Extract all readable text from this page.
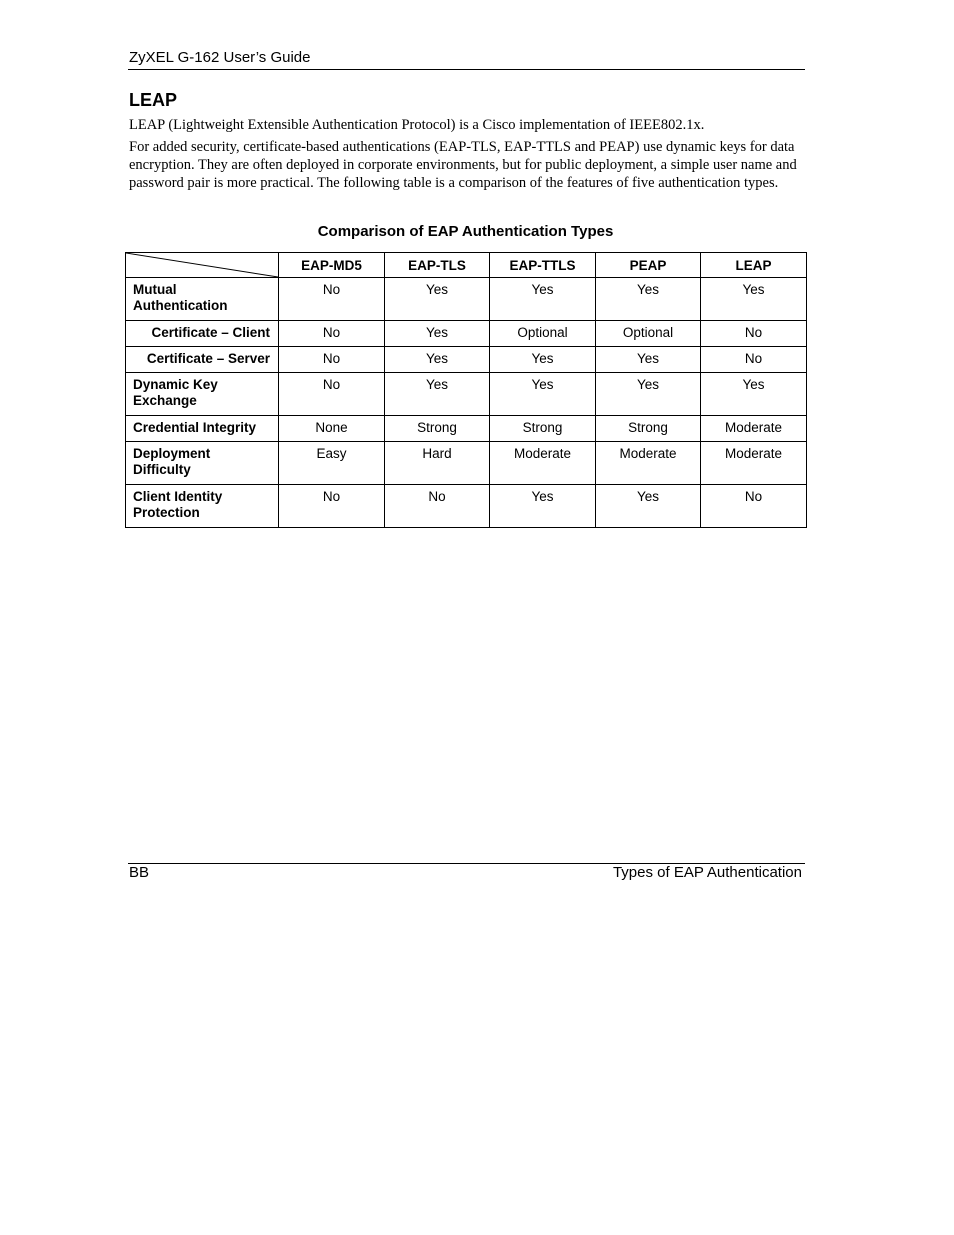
ZyXEL G-162 User’s Guide
LEAP
LEAP (Lightweight Extensible Authentication Protocol) is a Cisco implementation of IEEE802.1x.
For added security, certificate-based authentications (EAP-TLS, EAP-TTLS and PEAP) use dynamic keys for data encryption. They are often deployed in corporate environments, but for public deployment, a simple user name and password pair is more practical. The following table is a comparison of the features of five authentication types.
Comparison of EAP Authentication Types
	EAP-MD5	EAP-TLS	EAP-TTLS	PEAP	LEAP
Mutual Authentication	No	Yes	Yes	Yes	Yes
Certificate – Client	No	Yes	Optional	Optional	No
Certificate – Server	No	Yes	Yes	Yes	No
Dynamic Key Exchange	No	Yes	Yes	Yes	Yes
Credential Integrity	None	Strong	Strong	Strong	Moderate
Deployment Difficulty	Easy	Hard	Moderate	Moderate	Moderate
Client Identity Protection	No	No	Yes	Yes	No
BB	Types of EAP Authentication
